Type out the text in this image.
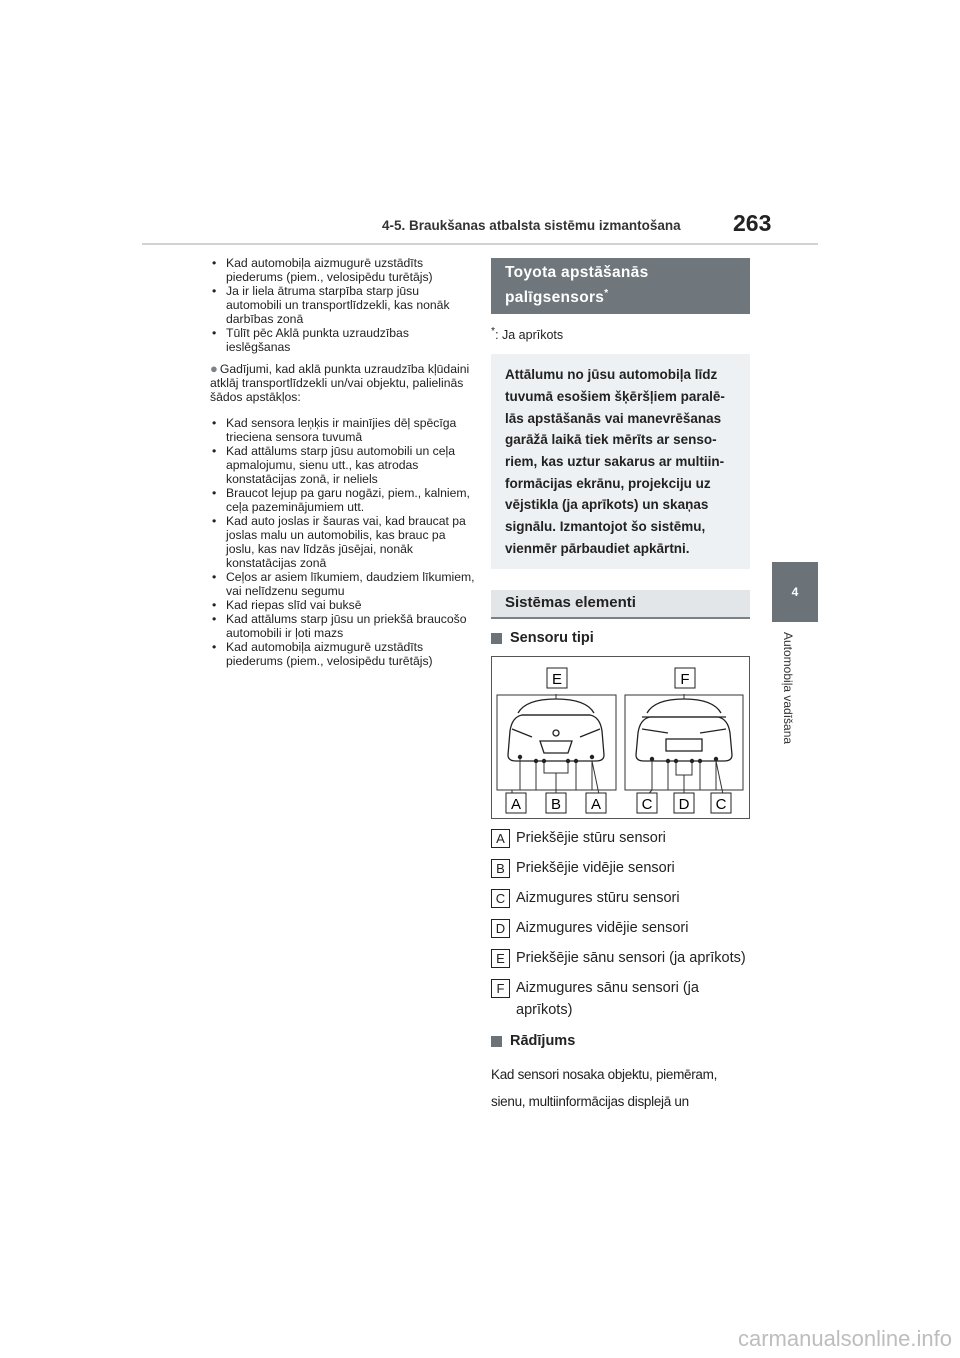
4-5. Braukšanas atbalsta sistēmu izmantošana 263
4
Automobiļa vadīšana

• Kad automobiļa aizmugurē uzstādīts piederums (piem., velosipēdu turētājs)

• Ja ir liela ātruma starpība starp jūsu automobili un transportlīdzekli, kas nonāk darbības zonā

• Tūlīt pēc Aklā punkta uzraudzības ieslēgšanas

● Gadījumi, kad aklā punkta uzraudzība kļūdaini atklāj transportlīdzekli un/vai objektu, palielinās šādos apstākļos:

• Kad sensora leņķis ir mainījies dēļ spēcīga trieciena sensora tuvumā

• Kad attālums starp jūsu automobili un ceļa apmalojumu, sienu utt., kas atrodas konstatācijas zonā, ir neliels

• Braucot lejup pa garu nogāzi, piem., kalniem, ceļa pazeminājumiem utt.

• Kad auto joslas ir šauras vai, kad braucat pa joslas malu un automobilis, kas brauc pa joslu, kas nav līdzās jūsējai, nonāk konstatācijas zonā

• Ceļos ar asiem līkumiem, daudziem līkumiem, vai nelīdzenu segumu

• Kad riepas slīd vai buksē

• Kad attālums starp jūsu un priekšā braucošo automobili ir ļoti mazs

• Kad automobiļa aizmugurē uzstādīts piederums (piem., velosipēdu turētājs)

Toyota apstāšanās
palīgsensors*
*: Ja aprīkots
Attālumu no jūsu automobiļa līdz tuvumā esošiem šķēršļiem paralē-lās apstāšanās vai manevrēšanas garāžā laikā tiek mērīts ar senso-riem, kas uztur sakarus ar multiin-formācijas ekrānu, projekciju uz vējstikla (ja aprīkots) un skaņas signālu. Izmantojot šo sistēmu, vienmēr pārbaudiet apkārtni.
Sistēmas elementi
Sensoru tipi
E	F
A B A	C D C
A Priekšējie stūru sensori
B Priekšējie vidējie sensori
C Aizmugures stūru sensori
D Aizmugures vidējie sensori
E Priekšējie sānu sensori (ja aprīkots)
F Aizmugures sānu sensori (ja aprīkots)
Rādījums
Kad sensori nosaka objektu, piemēram, sienu, multiinformācijas displejā un
carmanualsonline.info
